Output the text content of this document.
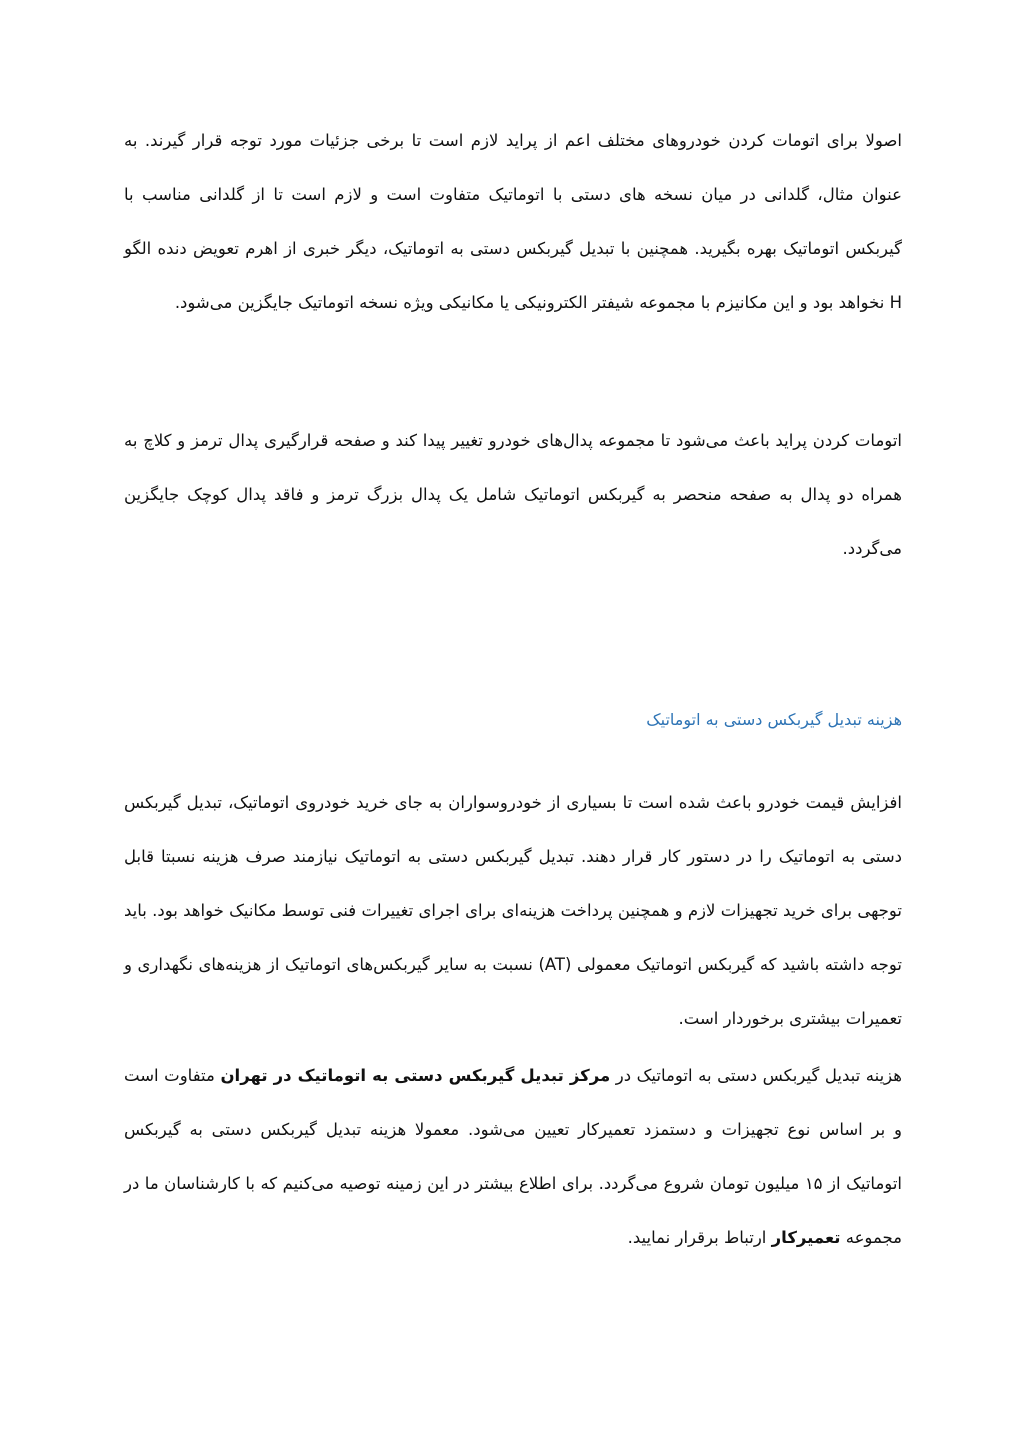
اصولا برای اتومات کردن خودروهای مختلف اعم از پراید لازم است تا برخی جزئیات مورد توجه قرار گیرند. به عنوان مثال، گلدانی در میان نسخه های دستی با اتوماتیک متفاوت است و لازم است تا از گلدانی مناسب با گیربکس اتوماتیک بهره بگیرید. همچنین با تبدیل گیربکس دستی به اتوماتیک، دیگر خبری از اهرم تعویض دنده الگو H نخواهد بود و این مکانیزم با مجموعه شیفتر الکترونیکی یا مکانیکی ویژه نسخه اتوماتیک جایگزین می‌شود.

اتومات کردن پراید باعث می‌شود تا مجموعه پدال‌های خودرو تغییر پیدا کند و صفحه قرارگیری پدال ترمز و کلاچ به همراه دو پدال به صفحه منحصر به گیربکس اتوماتیک شامل یک پدال بزرگ ترمز و فاقد پدال کوچک جایگزین می‌گردد.

هزینه تبدیل گیربکس دستی به اتوماتیک

افزایش قیمت خودرو باعث شده است تا بسیاری از خودروسواران به جای خرید خودروی اتوماتیک، تبدیل گیربکس دستی به اتوماتیک را در دستور کار قرار دهند. تبدیل گیربکس دستی به اتوماتیک نیازمند صرف هزینه نسبتا قابل توجهی برای خرید تجهیزات لازم و همچنین پرداخت هزینه‌ای برای اجرای تغییرات فنی توسط مکانیک خواهد بود. باید توجه داشته باشید که گیربکس اتوماتیک معمولی (AT) نسبت به سایر گیربکس‌های اتوماتیک از هزینه‌های نگهداری و تعمیرات بیشتری برخوردار است.

هزینه تبدیل گیربکس دستی به اتوماتیک در مرکز تبدیل گیربکس دستی به اتوماتیک در تهران متفاوت است و بر اساس نوع تجهیزات و دستمزد تعمیرکار تعیین می‌شود. معمولا هزینه تبدیل گیربکس دستی به گیربکس اتوماتیک از ۱۵ میلیون تومان شروع می‌گردد. برای اطلاع بیشتر در این زمینه توصیه می‌کنیم که با کارشناسان ما در مجموعه تعمیرکار ارتباط برقرار نمایید.
